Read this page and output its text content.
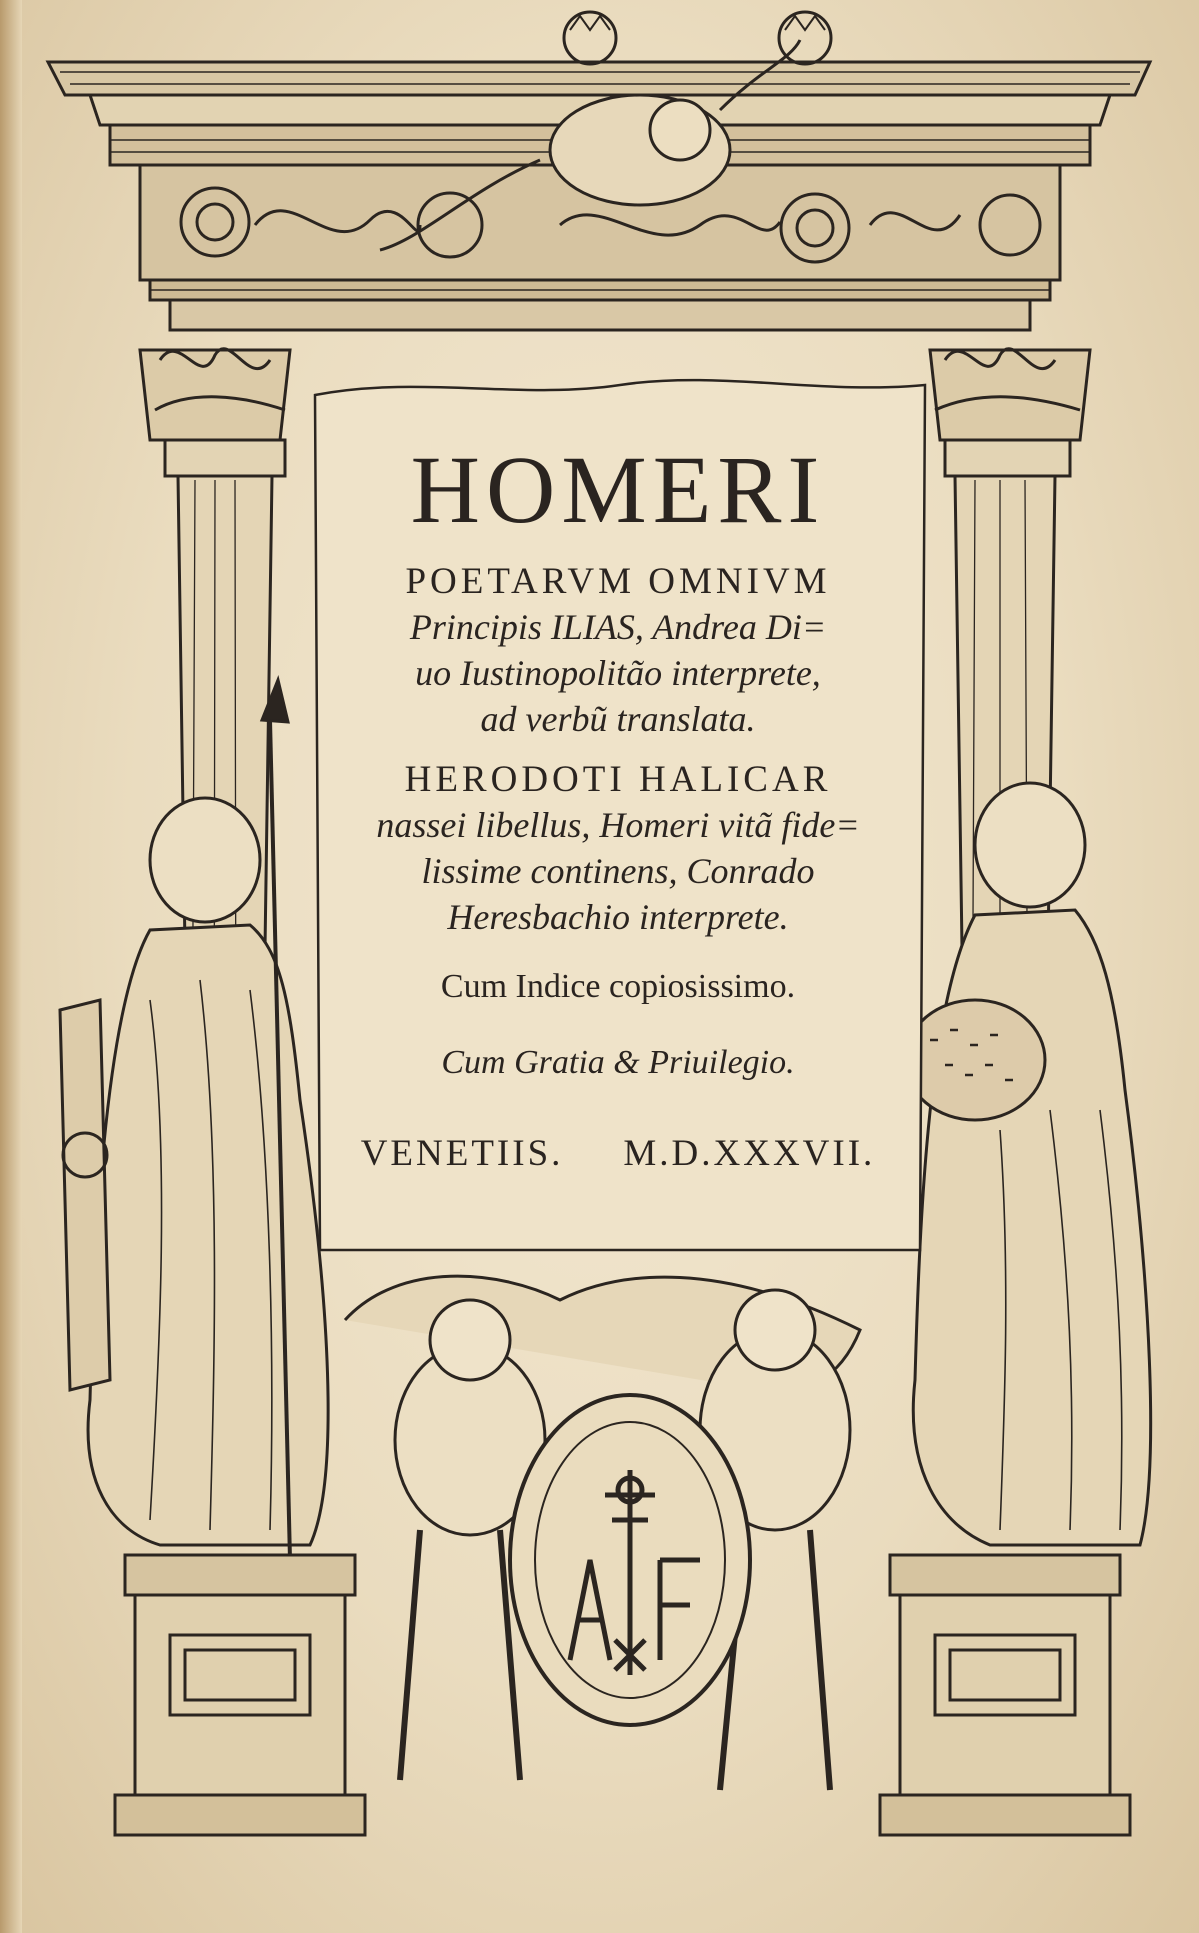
HOMERI

POETARVM OMNIVM

Principis ILIAS, Andrea Di=

uo Iustinopolitão interprete,

ad verbũ translata.

HERODOTI HALICAR

nassei libellus, Homeri vitã fide=

lissime continens, Conrado

Heresbachio interprete.

Cum Indice copiosissimo.

Cum Gratia & Priuilegio.

VENETIIS. M.D.XXXVII.
